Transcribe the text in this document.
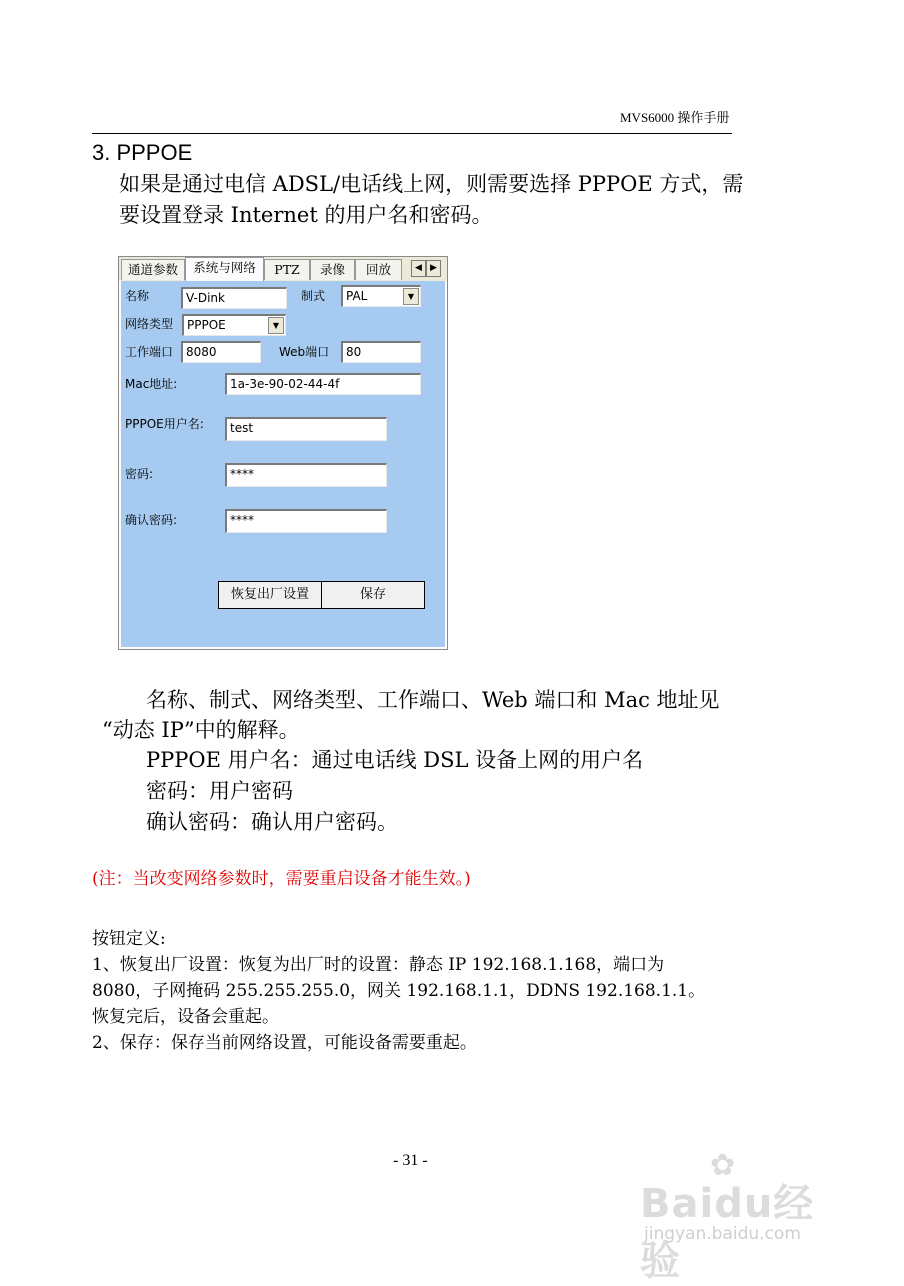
MVS6000 操作手册
3. PPPOE
如果是通过电信 ADSL/电话线上网，则需要选择 PPPOE 方式，需
要设置登录 Internet 的用户名和密码。
通道参数	系统与网络	PTZ	录像	回放	◀ ▶
名称	V-Dink	制式	PAL	▼
网络类型	PPPOE	▼
工作端口	8080	Web端口	80
Mac地址:	1a-3e-90-02-44-4f
PPPOE用户名:	test
密码:	****
确认密码:	****
恢复出厂设置	保存
名称、制式、网络类型、工作端口、Web 端口和 Mac 地址见
“动态 IP”中的解释。
PPPOE 用户名：通过电话线 DSL 设备上网的用户名
密码：用户密码
确认密码：确认用户密码。
(注：当改变网络参数时，需要重启设备才能生效。)
按钮定义:
1、恢复出厂设置：恢复为出厂时的设置：静态 IP 192.168.1.168，端口为
8080，子网掩码 255.255.255.0，网关 192.168.1.1，DDNS 192.168.1.1。
恢复完后，设备会重起。
2、保存：保存当前网络设置，可能设备需要重起。
- 31 -	✿
Baidu经验
jingyan.baidu.com
